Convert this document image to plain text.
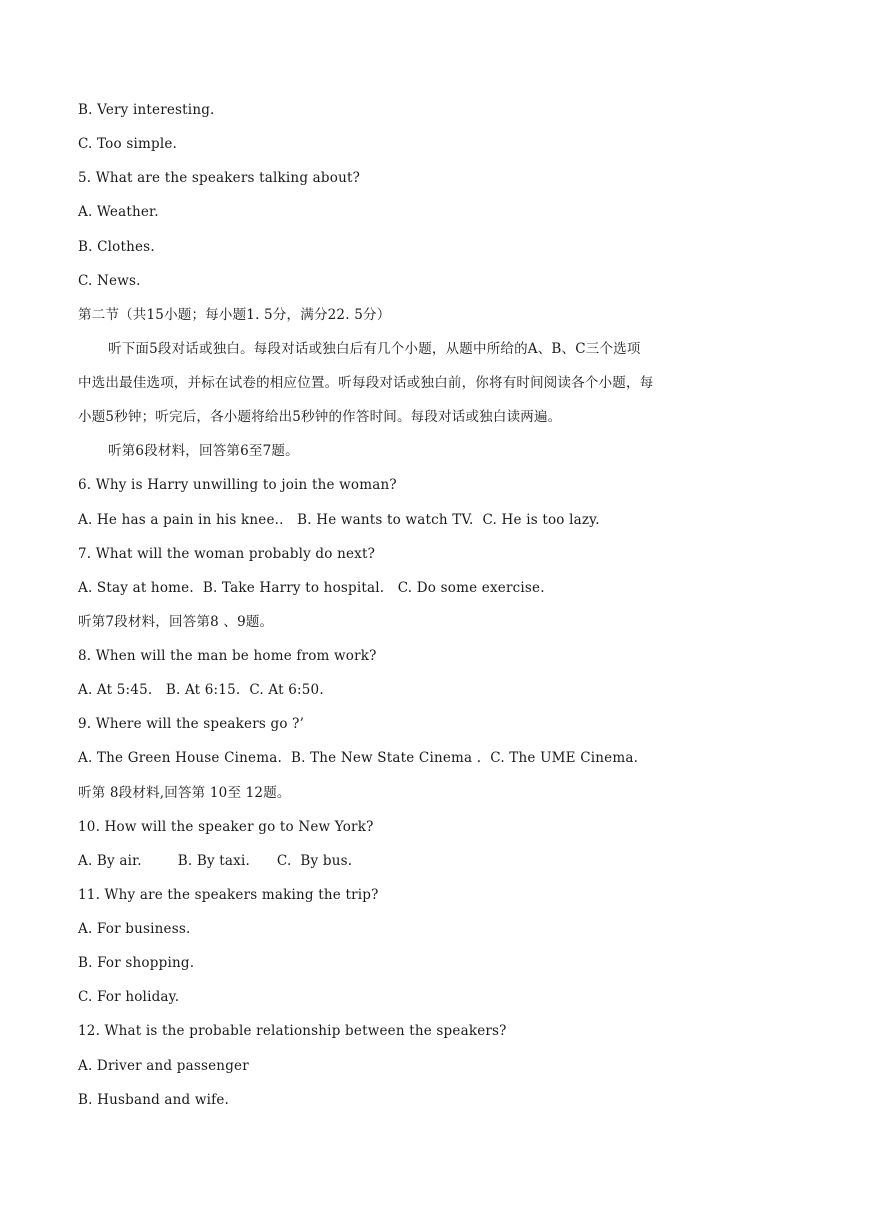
B. Very interesting.
C. Too simple.
5. What are the speakers talking about?
A. Weather.
B. Clothes.
C. News.
第二节（共15小题；每小题1. 5分，满分22. 5分）
听下面5段对话或独白。每段对话或独白后有几个小题，从题中所给的A、B、C三个选项
中选出最佳选项，并标在试卷的相应位置。听每段对话或独白前，你将有时间阅读各个小题，每
小题5秒钟；听完后，各小题将给出5秒钟的作答时间。每段对话或独白读两遍。
听第6段材料，回答第6至7题。
6. Why is Harry unwilling to join the woman?
A. He has a pain in his knee..   B. He wants to watch TV.  C. He is too lazy.
7. What will the woman probably do next?
A. Stay at home.  B. Take Harry to hospital.   C. Do some exercise.
听第7段材料，回答第8 、9题。
8. When will the man be home from work?
A. At 5:45.   B. At 6:15.  C. At 6:50.
9. Where will the speakers go ?’
A. The Green House Cinema.  B. The New State Cinema .  C. The UME Cinema.
听第 8段材料,回答第 10至 12题。
10. How will the speaker go to New York?
A. By air.        B. By taxi.      C.  By bus.
11. Why are the speakers making the trip?
A. For business.
B. For shopping.
C. For holiday.
12. What is the probable relationship between the speakers?
A. Driver and passenger
B. Husband and wife.
